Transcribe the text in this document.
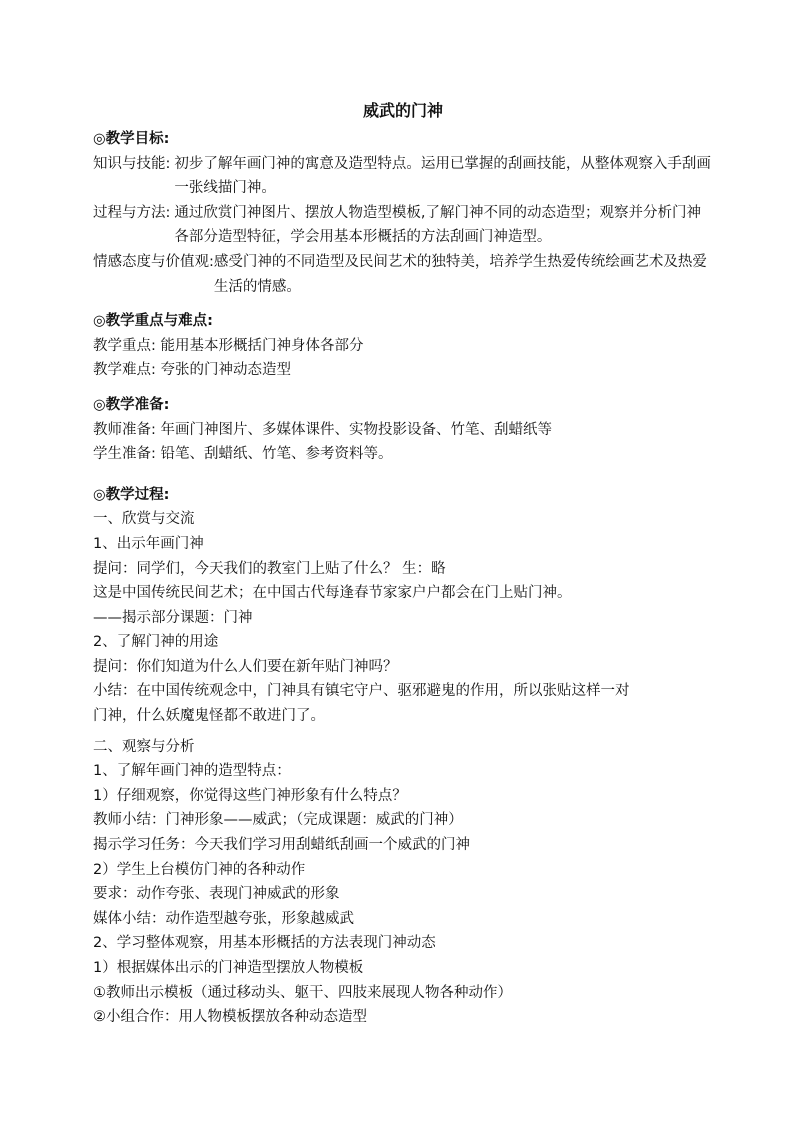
威武的门神
◎教学目标:
知识与技能: 初步了解年画门神的寓意及造型特点。运用已掌握的刮画技能，从整体观察入手刮画一张线描门神。
过程与方法: 通过欣赏门神图片、摆放人物造型模板,了解门神不同的动态造型；观察并分析门神各部分造型特征，学会用基本形概括的方法刮画门神造型。
情感态度与价值观: 感受门神的不同造型及民间艺术的独特美，培养学生热爱传统绘画艺术及热爱生活的情感。
◎教学重点与难点:
教学重点: 能用基本形概括门神身体各部分
教学难点: 夸张的门神动态造型
◎教学准备:
教师准备: 年画门神图片、多媒体课件、实物投影设备、竹笔、刮蜡纸等
学生准备: 铅笔、刮蜡纸、竹笔、参考资料等。
◎教学过程:
一、欣赏与交流
1、出示年画门神
提问：同学们，今天我们的教室门上贴了什么？ 生：略
这是中国传统民间艺术；在中国古代每逢春节家家户户都会在门上贴门神。
——揭示部分课题：门神
2、了解门神的用途
提问：你们知道为什么人们要在新年贴门神吗？
小结：在中国传统观念中，门神具有镇宅守户、驱邪避鬼的作用，所以张贴这样一对
门神，什么妖魔鬼怪都不敢进门了。
二、观察与分析
1、了解年画门神的造型特点：
1）仔细观察，你觉得这些门神形象有什么特点？
教师小结：门神形象——威武；（完成课题：威武的门神）
揭示学习任务：今天我们学习用刮蜡纸刮画一个威武的门神
2）学生上台模仿门神的各种动作
要求：动作夸张、表现门神威武的形象
媒体小结：动作造型越夸张，形象越威武
2、学习整体观察，用基本形概括的方法表现门神动态
1）根据媒体出示的门神造型摆放人物模板
①教师出示模板（通过移动头、躯干、四肢来展现人物各种动作）
②小组合作：用人物模板摆放各种动态造型
